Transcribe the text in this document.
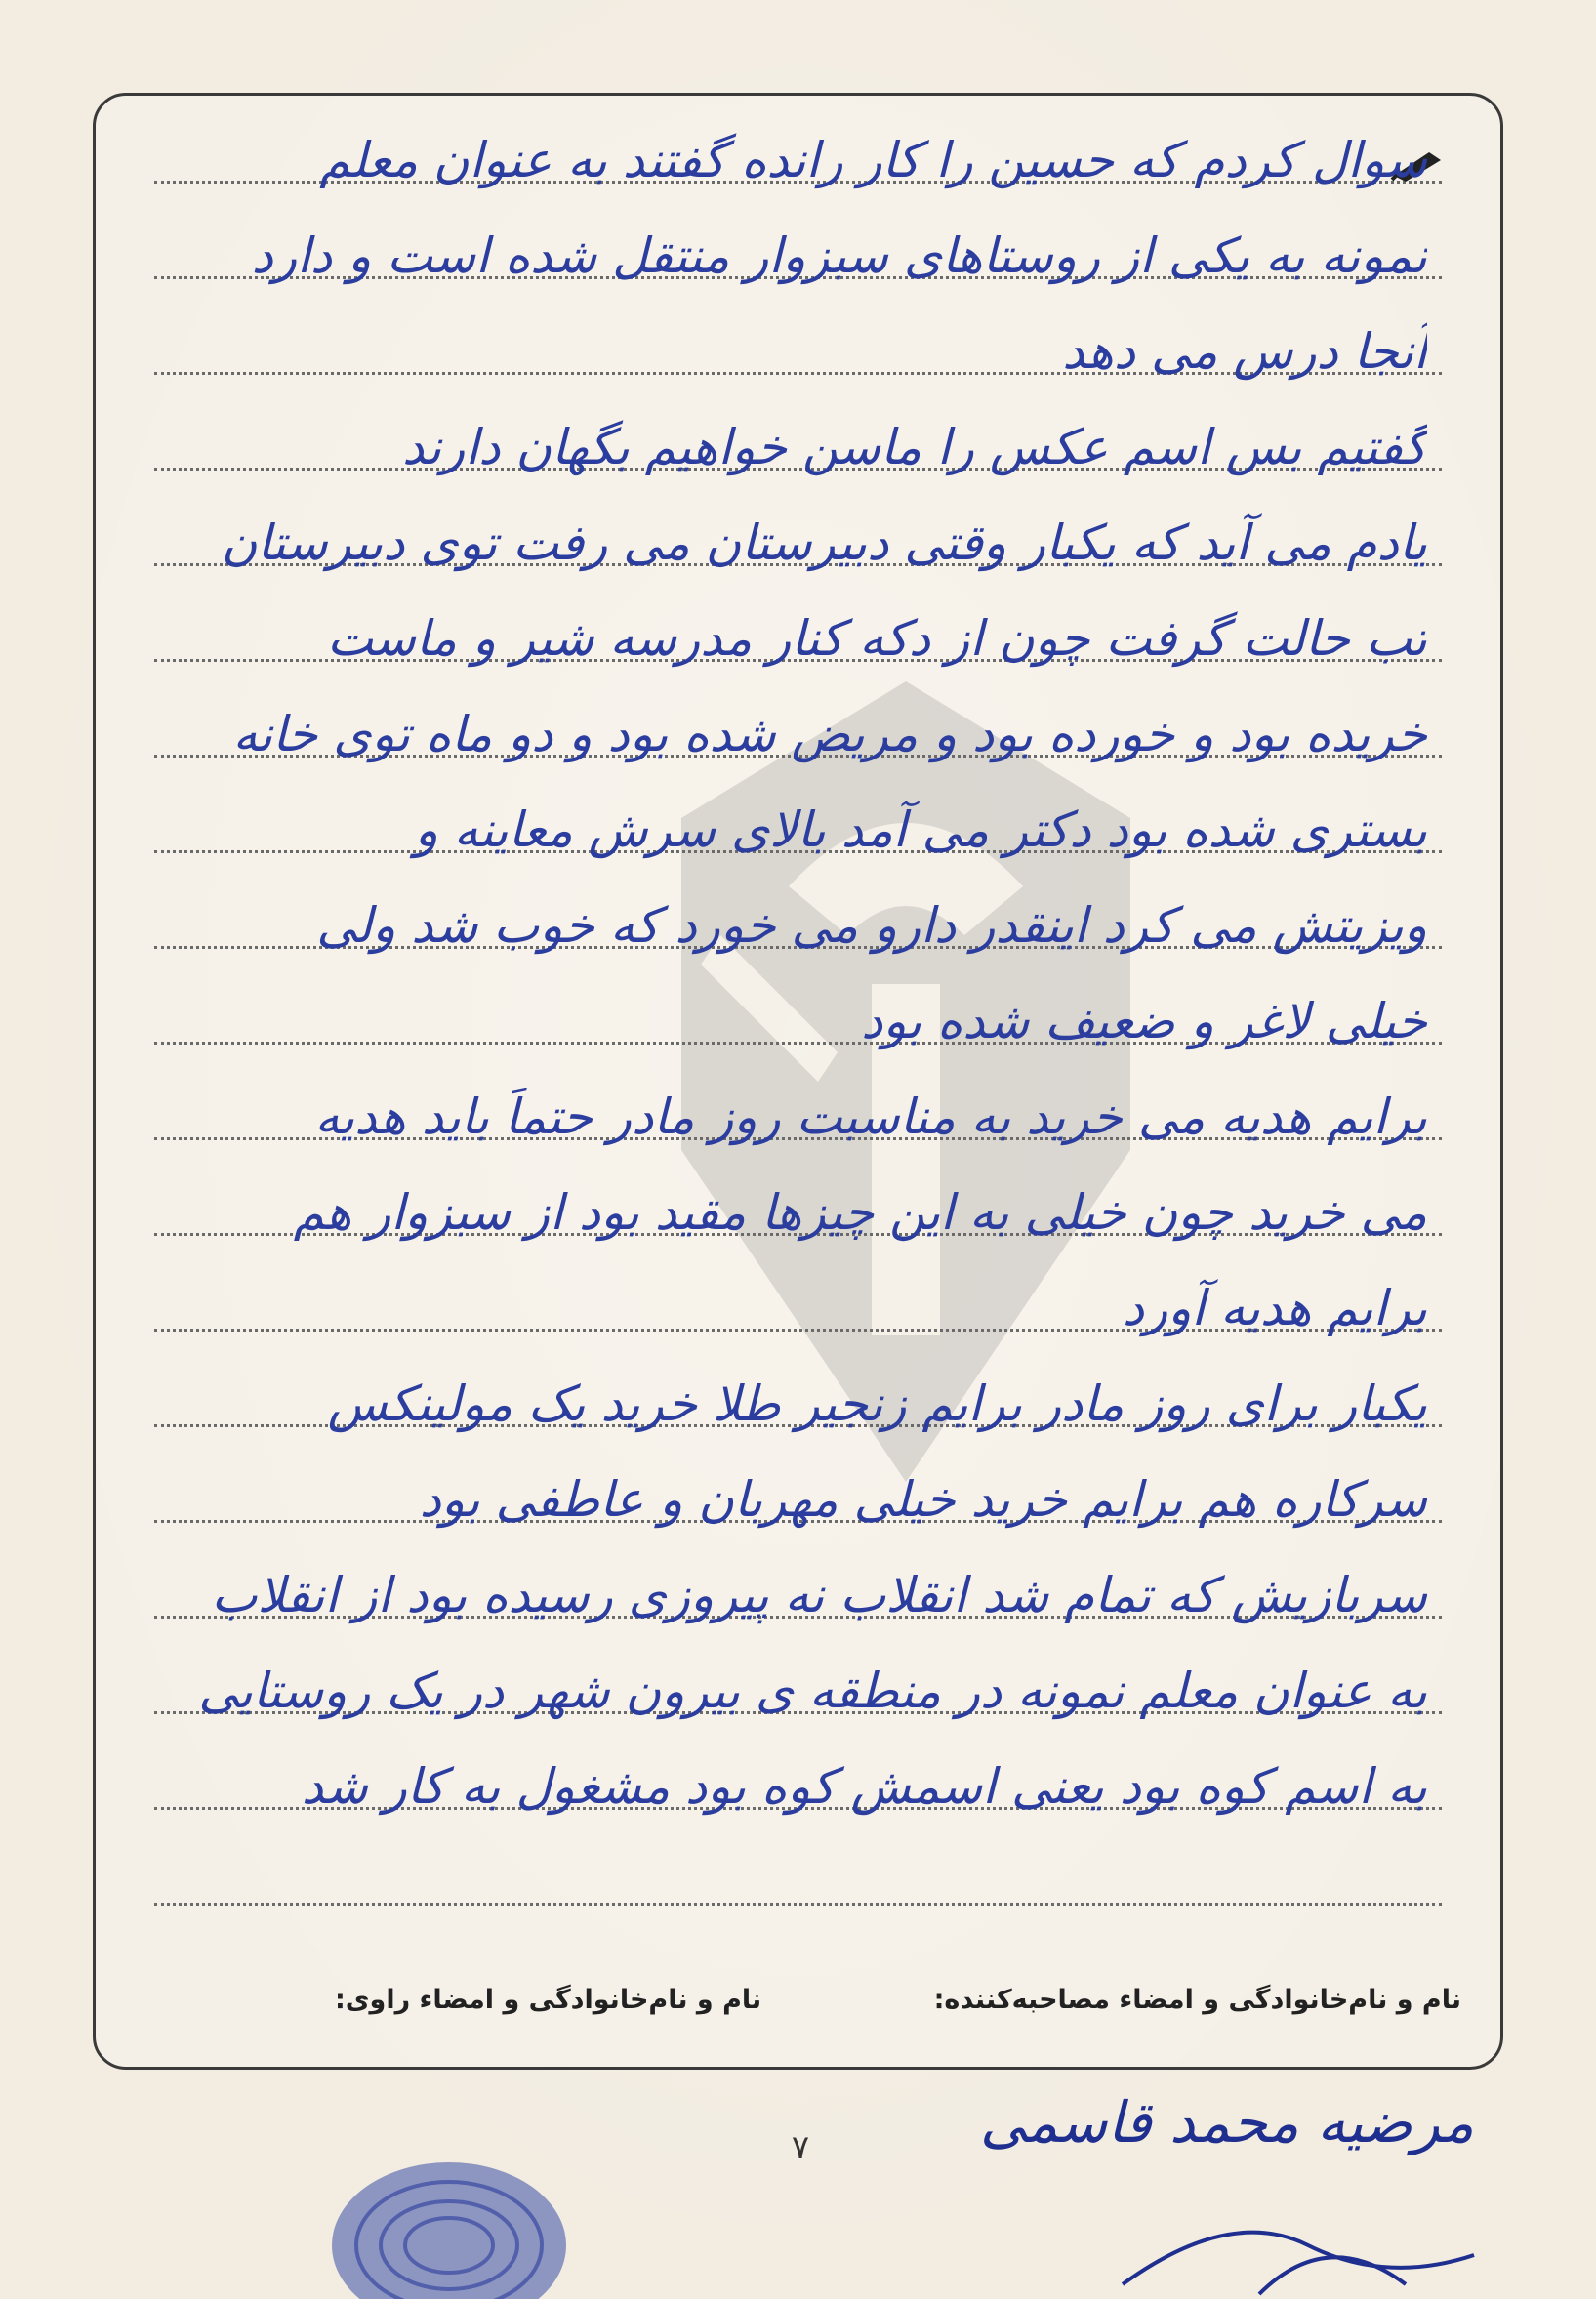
سوال کردم که حسین را کار رانده گفتند به عنوان معلم
نمونه به یکی از روستاهای سبزوار منتقل شده است و دارد
آنجا درس می دهد
گفتیم بس اسم عکس را ماسن خواهیم بگهان دارند
یادم می آید که یکبار وقتی دبیرستان می رفت توی دبیرستان
تب حالت گرفت چون از دکه کنار مدرسه شیر و ماست
خریده بود و خورده بود و مریض شده بود و دو ماه توی خانه
بستری شده بود دکتر می آمد بالای سرش معاینه و
ویزیتش می کرد اینقدر دارو می خورد که خوب شد ولی
خیلی لاغر و ضعیف شده بود
برایم هدیه می خرید به مناسبت روز مادر حتماً باید هدیه
می خرید چون خیلی به این چیزها مقید بود از سبزوار هم
برایم هدیه آورد
یکبار برای روز مادر برایم زنجیر طلا خرید یک مولینکس
سرکاره هم برایم خرید خیلی مهربان و عاطفی بود
سربازیش که تمام شد انقلاب نه پیروزی رسیده بود از انقلاب
به عنوان معلم نمونه در منطقه ی بیرون شهر در یک روستایی
به اسم کوه بود یعنی اسمش کوه بود مشغول به کار شد
نام و نام‌خانوادگی و امضاء مصاحبه‌کننده:
نام و نام‌خانوادگی و امضاء راوی:
۷	مرضیه محمد قاسمی
